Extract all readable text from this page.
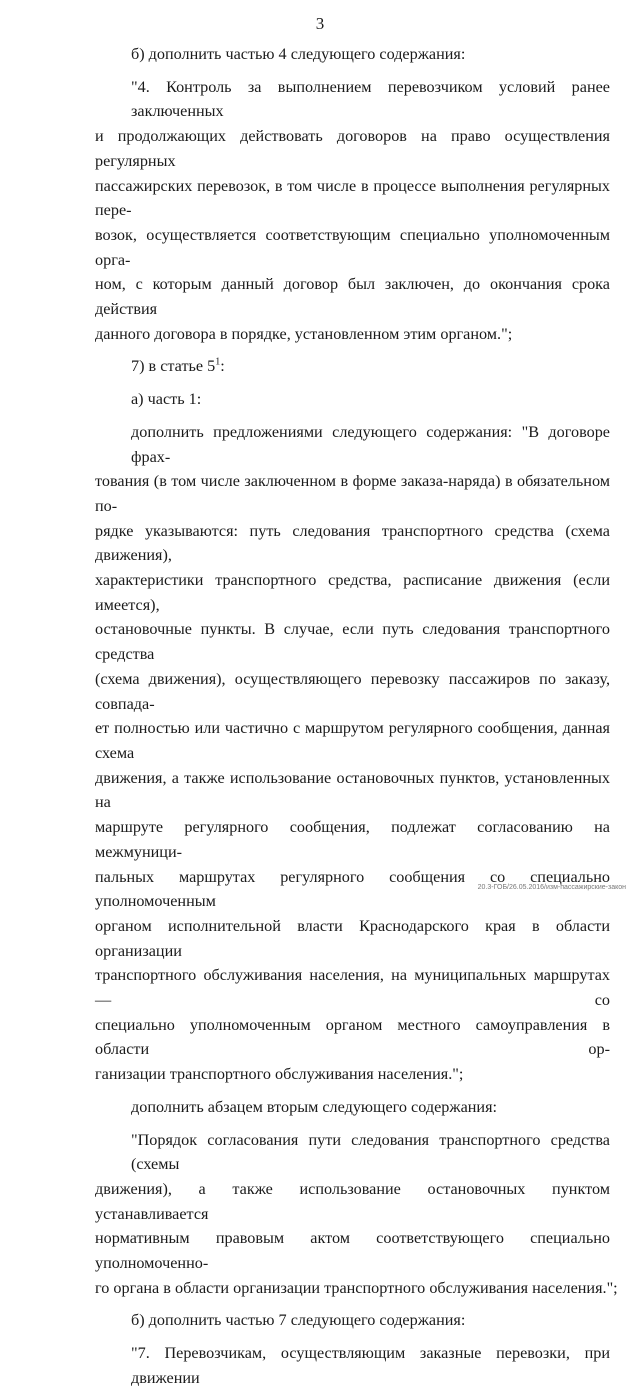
3
б) дополнить частью 4 следующего содержания:
"4. Контроль за выполнением перевозчиком условий ранее заключенных
и продолжающих действовать договоров на право осуществления регулярных
пассажирских перевозок, в том числе в процессе выполнения регулярных пере-
возок, осуществляется соответствующим специально уполномоченным орга-
ном, с которым данный договор был заключен, до окончания срока действия
данного договора в порядке, установленном этим органом.";
7) в статье $5^1$:
а) часть 1:
дополнить предложениями следующего содержания: "В договоре фрах-
тования (в том числе заключенном в форме заказа-наряда) в обязательном по-
рядке указываются: путь следования транспортного средства (схема движения),
характеристики транспортного средства, расписание движения (если имеется),
остановочные пункты. В случае, если путь следования транспортного средства
(схема движения), осуществляющего перевозку пассажиров по заказу, совпада-
ет полностью или частично с маршрутом регулярного сообщения, данная схема
движения, а также использование остановочных пунктов, установленных на
маршруте регулярного сообщения, подлежат согласованию на межмуници-
пальных маршрутах регулярного сообщения со специально уполномоченным
органом исполнительной власти Краснодарского края в области организации
транспортного обслуживания населения, на муниципальных маршрутах — со
специально уполномоченным органом местного самоуправления в области ор-
ганизации транспортного обслуживания населения.";
дополнить абзацем вторым следующего содержания:
"Порядок согласования пути следования транспортного средства (схемы
движения), а также использование остановочных пунктом устанавливается
нормативным правовым актом соответствующего специально уполномоченно-
го органа в области организации транспортного обслуживания населения.";
б) дополнить частью 7 следующего содержания:
"7. Перевозчикам, осуществляющим заказные перевозки, при движении
20.3-ГОБ/26.05.2016/изм-пассажирские-закон
